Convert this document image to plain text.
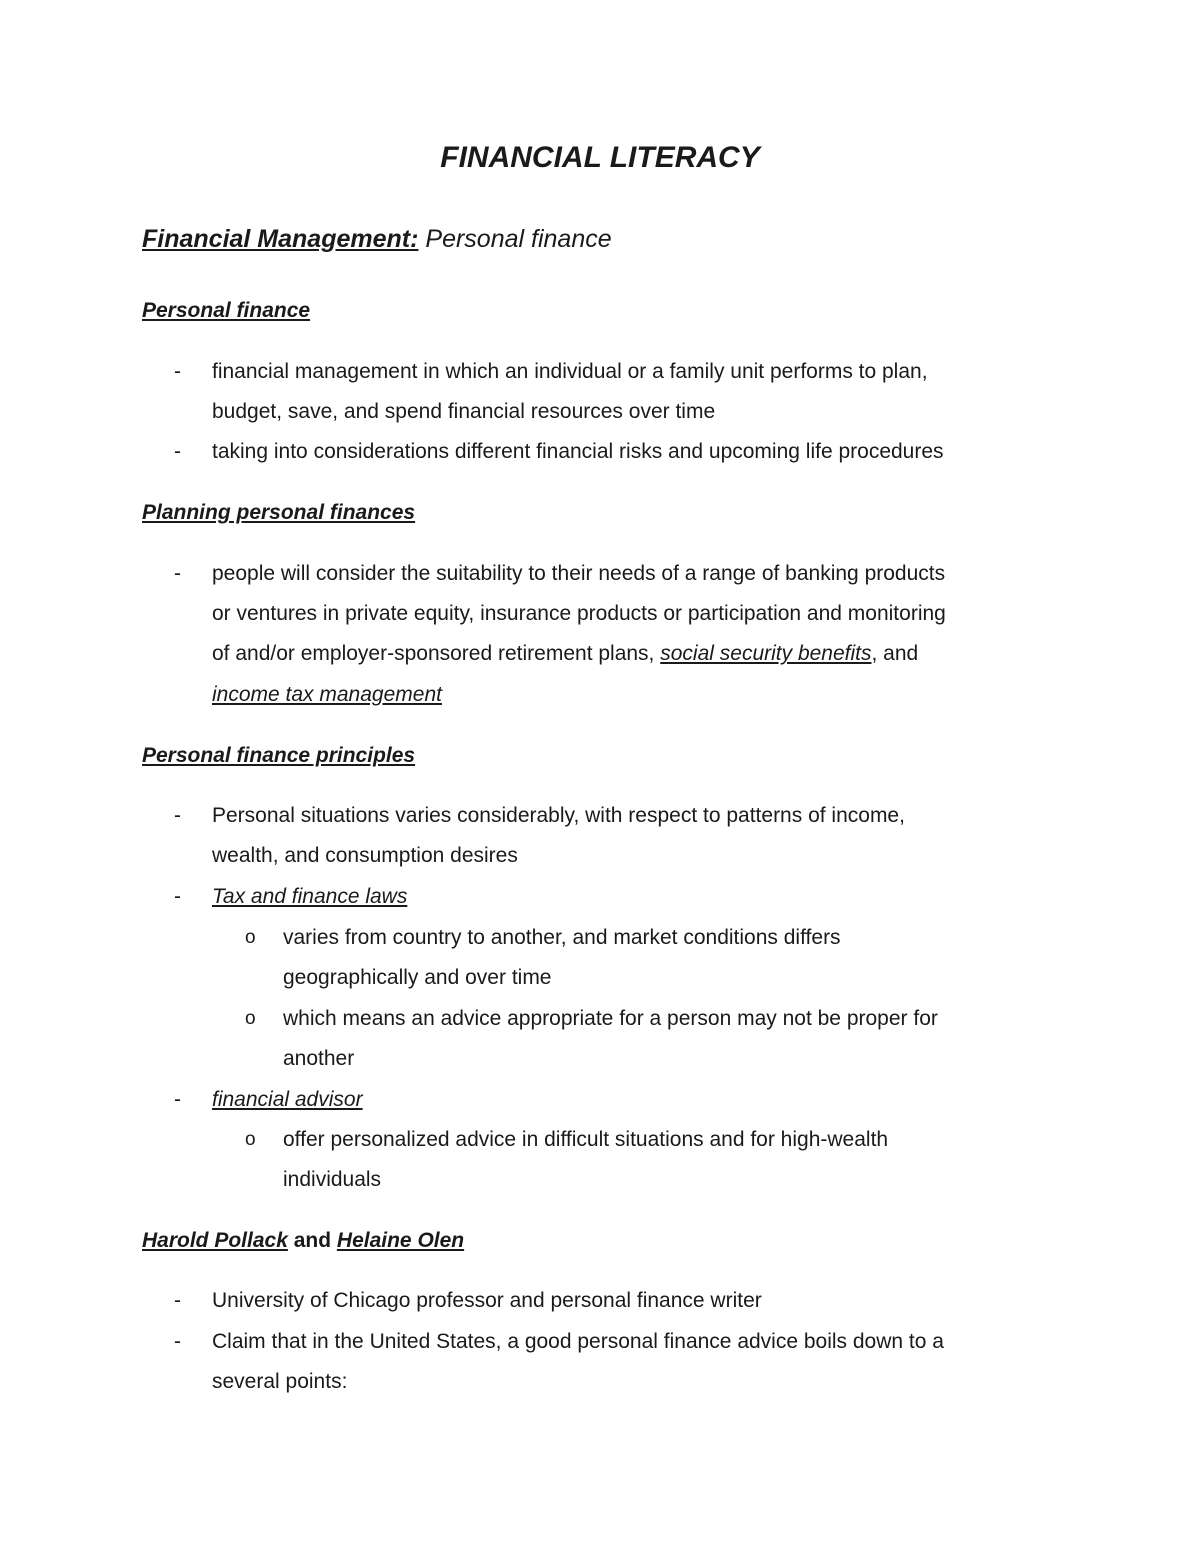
FINANCIAL LITERACY
Financial Management: Personal finance
Personal finance
- financial management in which an individual or a family unit performs to plan,
budget, save, and spend financial resources over time
- taking into considerations different financial risks and upcoming life procedures
Planning personal finances
- people will consider the suitability to their needs of a range of banking products
or ventures in private equity, insurance products or participation and monitoring
of and/or employer-sponsored retirement plans, social security benefits, and
income tax management
Personal finance principles
- Personal situations varies considerably, with respect to patterns of income,
wealth, and consumption desires
- Tax and finance laws
o varies from country to another, and market conditions differs
geographically and over time
o which means an advice appropriate for a person may not be proper for
another
- financial advisor
o offer personalized advice in difficult situations and for high-wealth
individuals
Harold Pollack and Helaine Olen
- University of Chicago professor and personal finance writer
- Claim that in the United States, a good personal finance advice boils down to a
several points:
